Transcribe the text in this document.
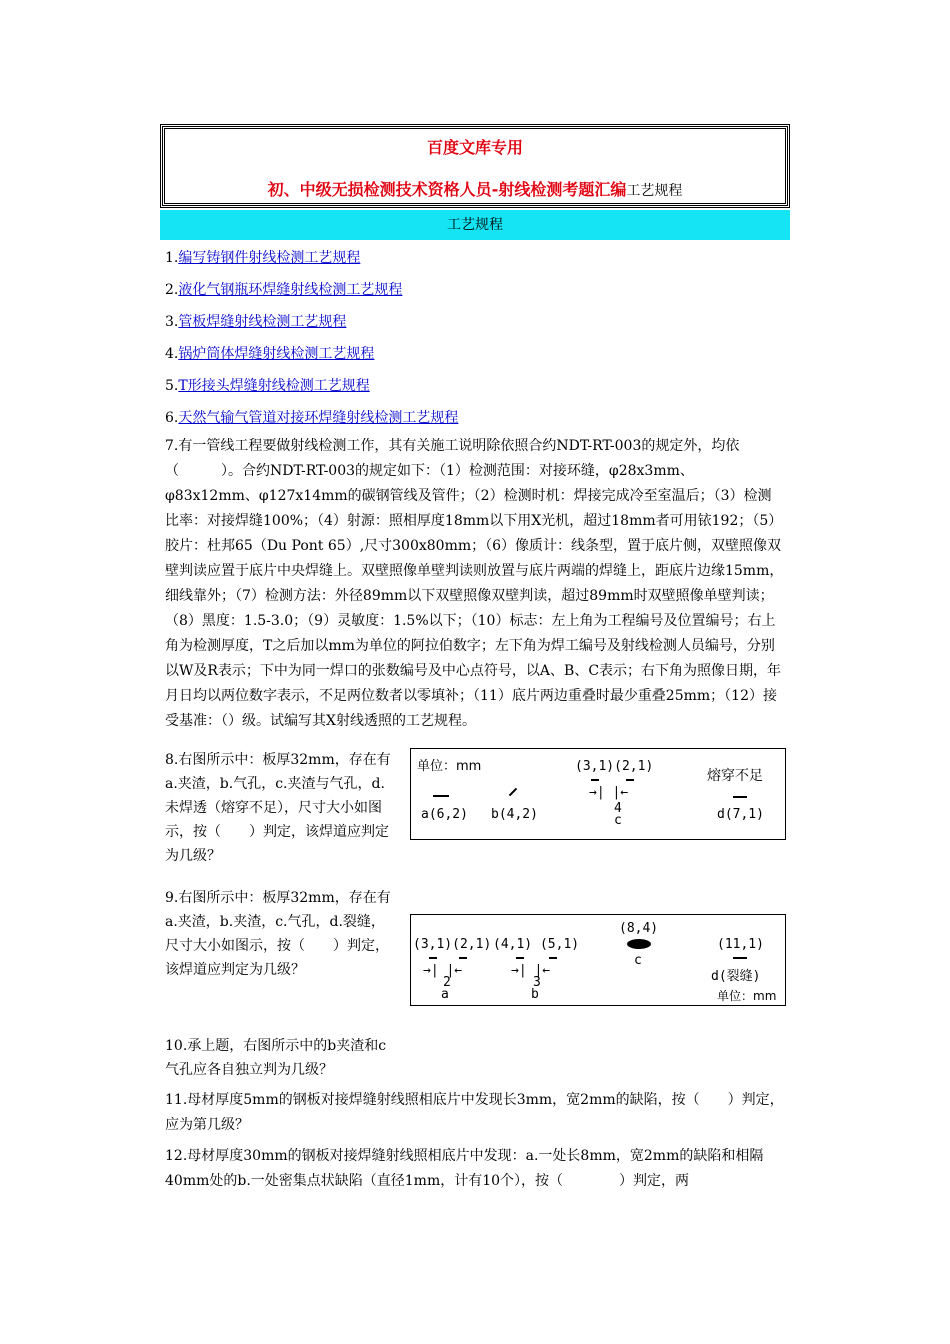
百度文库专用
初、中级无损检测技术资格人员-射线检测考题汇编工艺规程
工艺规程
1.编写铸钢件射线检测工艺规程
2.液化气钢瓶环焊缝射线检测工艺规程
3.管板焊缝射线检测工艺规程
4.锅炉筒体焊缝射线检测工艺规程
5.T形接头焊缝射线检测工艺规程
6.天然气输气管道对接环焊缝射线检测工艺规程
7.有一管线工程要做射线检测工作，其有关施工说明除依照合约NDT-RT-003的规定外，均依（　　　）。合约NDT-RT-003的规定如下：（1）检测范围：对接环缝，φ28x3mm、φ83x12mm、φ127x14mm的碳钢管线及管件；（2）检测时机：焊接完成冷至室温后；（3）检测比率：对接焊缝100%；（4）射源：照相厚度18mm以下用X光机，超过18mm者可用铱192；（5）胶片：杜邦65（Du Pont 65）,尺寸300x80mm；（6）像质计：线条型，置于底片侧，双壁照像双壁判读应置于底片中央焊缝上。双壁照像单壁判读则放置与底片两端的焊缝上，距底片边缘15mm，细线靠外；（7）检测方法：外径89mm以下双壁照像双壁判读，超过89mm时双壁照像单壁判读；（8）黑度：1.5-3.0；（9）灵敏度：1.5%以下；（10）标志：左上角为工程编号及位置编号；右上角为检测厚度，T之后加以mm为单位的阿拉伯数字；左下角为焊工编号及射线检测人员编号，分别以W及R表示；下中为同一焊口的张数编号及中心点符号，以A、B、C表示；右下角为照像日期，年月日均以两位数字表示，不足两位数者以零填补；（11）底片两边重叠时最少重叠25mm；（12）接受基准：（）级。试编写其X射线透照的工艺规程。
8.右图所示中：板厚32mm，存在有a.夹渣，b.气孔，c.夹渣与气孔，d.未焊透（熔穿不足），尺寸大小如图示，按（　　）判定，该焊道应判定为几级？
单位：mm
a(6,2) b(4,2)
(3,1)(2,1)
→| |←
4
c
熔穿不足
d(7,1)
9.右图所示中：板厚32mm，存在有a.夹渣，b.夹渣，c.气孔，d.裂缝，尺寸大小如图示，按（　　）判定，该焊道应判定为几级？
(3,1)(2,1)
→| |←
2
a
(4,1) (5,1)
→| |←
3
b
(8,4)
c
(11,1)
d(裂缝)
单位：mm
10.承上题，右图所示中的b夹渣和c气孔应各自独立判为几级？
11.母材厚度5mm的钢板对接焊缝射线照相底片中发现长3mm，宽2mm的缺陷，按（　　）判定，应为第几级？
12.母材厚度30mm的钢板对接焊缝射线照相底片中发现：a.一处长8mm，宽2mm的缺陷和相隔40mm处的b.一处密集点状缺陷（直径1mm，计有10个），按（　　　　）判定，两
